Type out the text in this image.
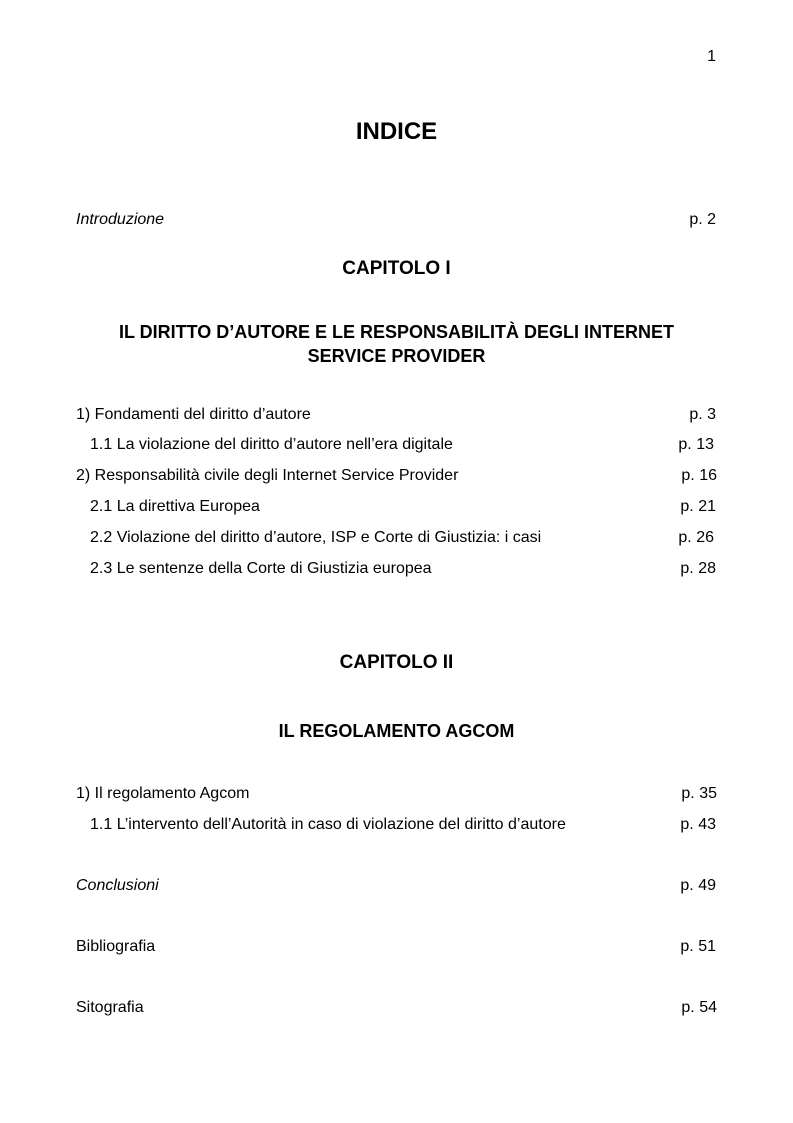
1
INDICE
Introduzione	p. 2
CAPITOLO I
IL DIRITTO D’AUTORE E LE RESPONSABILITÀ DEGLI INTERNET SERVICE PROVIDER
1) Fondamenti del diritto d’autore	p. 3
1.1 La violazione del diritto d’autore nell’era digitale	p. 13
2) Responsabilità civile degli Internet Service Provider	p. 16
2.1 La direttiva Europea	p. 21
2.2 Violazione del diritto d’autore, ISP e Corte di Giustizia: i casi	p. 26
2.3 Le sentenze della Corte di Giustizia europea	p. 28
CAPITOLO II
IL REGOLAMENTO AGCOM
1) Il regolamento Agcom	p. 35
1.1 L’intervento dell’Autorità in caso di violazione del diritto d’autore	p. 43
Conclusioni	p. 49
Bibliografia	p. 51
Sitografia	p. 54
